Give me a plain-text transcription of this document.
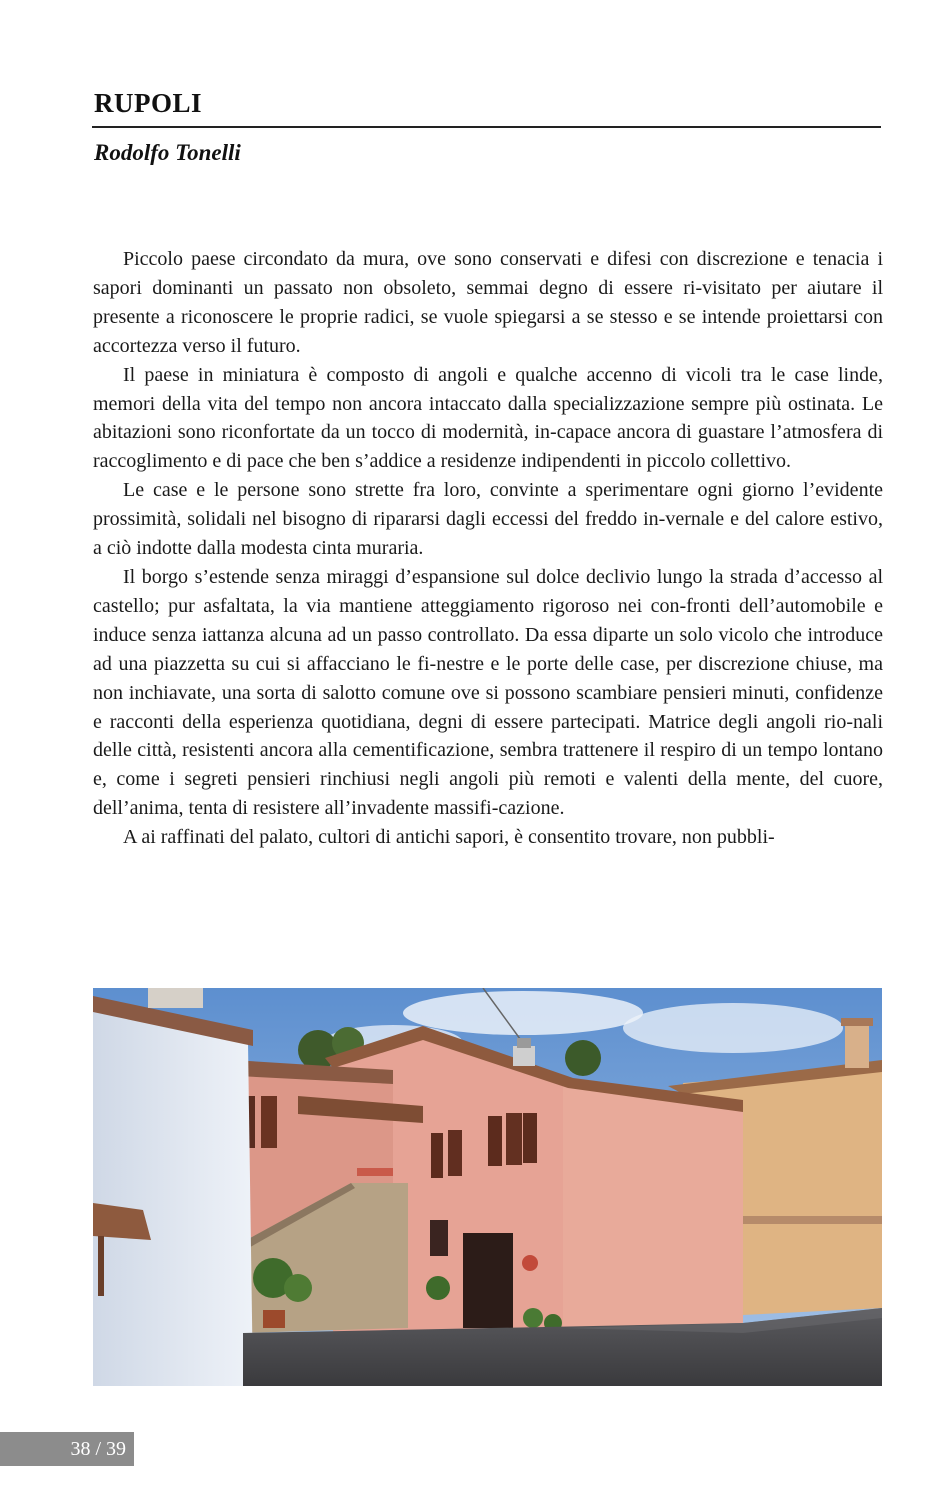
RUPOLI
Rodolfo Tonelli

Piccolo paese circondato da mura, ove sono conservati e difesi con discrezione e tenacia i sapori dominanti un passato non obsoleto, semmai degno di essere ri-visitato per aiutare il presente a riconoscere le proprie radici, se vuole spiegarsi a se stesso e se intende proiettarsi con accortezza verso il futuro.

Il paese in miniatura è composto di angoli e qualche accenno di vicoli tra le case linde, memori della vita del tempo non ancora intaccato dalla specializzazione sempre più ostinata. Le abitazioni sono riconfortate da un tocco di modernità, in-capace ancora di guastare l’atmosfera di raccoglimento e di pace che ben s’addice a residenze indipendenti in piccolo collettivo.

Le case e le persone sono strette fra loro, convinte a sperimentare ogni giorno l’evidente prossimità, solidali nel bisogno di ripararsi dagli eccessi del freddo in-vernale e del calore estivo, a ciò indotte dalla modesta cinta muraria.

Il borgo s’estende senza miraggi d’espansione sul dolce declivio lungo la strada d’accesso al castello; pur asfaltata, la via mantiene atteggiamento rigoroso nei con-fronti dell’automobile e induce senza iattanza alcuna ad un passo controllato. Da essa diparte un solo vicolo che introduce ad una piazzetta su cui si affacciano le fi-nestre e le porte delle case, per discrezione chiuse, ma non inchiavate, una sorta di salotto comune ove si possono scambiare pensieri minuti, confidenze e racconti della esperienza quotidiana, degni di essere partecipati. Matrice degli angoli rio-nali delle città, resistenti ancora alla cementificazione, sembra trattenere il respiro di un tempo lontano e, come i segreti pensieri rinchiusi negli angoli più remoti e valenti della mente, del cuore, dell’anima, tenta di resistere all’invadente massifi-cazione.

A ai raffinati del palato, cultori di antichi sapori, è consentito trovare, non pubbli-

38 / 39
